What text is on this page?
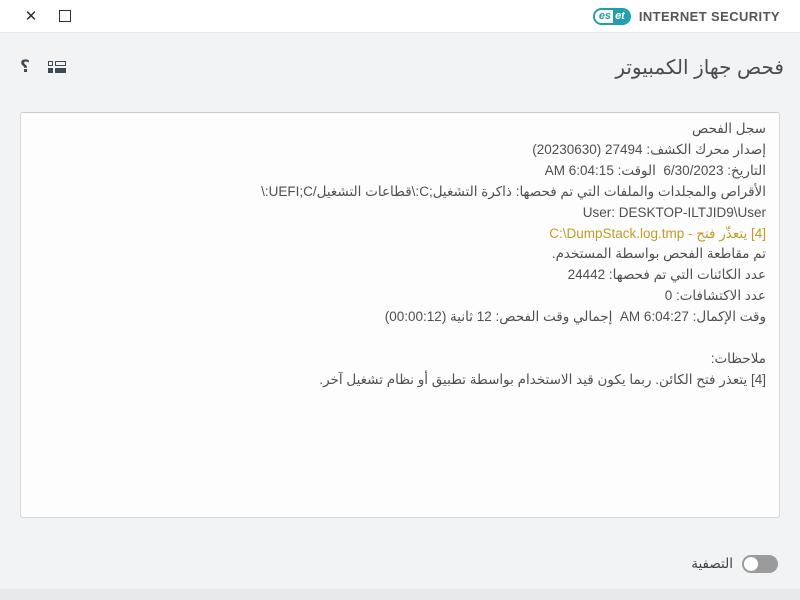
✕	es et	INTERNET SECURITY
؟	فحص جهاز الكمبيوتر
سجل الفحص
إصدار محرك الكشف: 27494 (20230630)
التاريخ: 6/30/2023  الوقت: 6:04:15 AM
الأقراص والمجلدات والملفات التي تم فحصها: ذاكرة التشغيل;C:\قطاعات التشغيل/UEFI;C:\
User: DESKTOP-ILTJID9\User
[4] يتعذّر فتح - C:\DumpStack.log.tmp
تم مقاطعة الفحص بواسطة المستخدم.
عدد الكائنات التي تم فحصها: 24442
عدد الاكتشافات: 0
وقت الإكمال: 6:04:27 AM  إجمالي وقت الفحص: 12 ثانية (00:00:12)
ملاحظات:
[4] يتعذر فتح الكائن. ربما يكون قيد الاستخدام بواسطة تطبيق أو نظام تشغيل آخر.
التصفية
